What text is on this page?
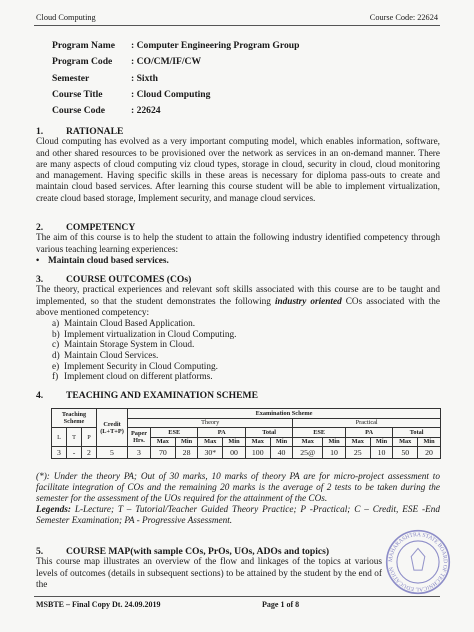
Cloud Computing	Course Code: 22624
Program Name : Computer Engineering Program Group
Program Code : CO/CM/IF/CW
Semester	: Sixth
Course Title	: Cloud Computing
Course Code	: 22624
1. RATIONALE
Cloud computing has evolved as a very important computing model, which enables information, software, and other shared resources to be provisioned over the network as services in an on-demand manner. There are many aspects of cloud computing viz cloud types, storage in cloud, security in cloud, cloud monitoring and management. Having specific skills in these areas is necessary for diploma pass-outs to create and maintain cloud based services. After learning this course student will be able to implement virtualization, create cloud based storage, Implement security, and manage cloud services.
2. COMPETENCY
The aim of this course is to help the student to attain the following industry identified competency through various teaching learning experiences:
• Maintain cloud based services.
3. COURSE OUTCOMES (COs)
The theory, practical experiences and relevant soft skills associated with this course are to be taught and implemented, so that the student demonstrates the following industry oriented COs associated with the above mentioned competency:
a) Maintain Cloud Based Application.
b) Implement virtualization in Cloud Computing.
c) Maintain Storage System in Cloud.
d) Maintain Cloud Services.
e) Implement Security in Cloud Computing.
f) Implement cloud on different platforms.
4. TEACHING AND EXAMINATION SCHEME
Teaching Scheme			Credit (L+T+P)	Examination Scheme												
				Theory							Practical					
L	T	P		Paper Hrs.	ESE		PA		Total		ESE		PA		Total	
					Max	Min	Max	Min	Max	Min	Max	Min	Max	Min	Max	Min
3	-	2	5	3	70	28	30*	00	100	40	25@	10	25	10	50	20
(*): Under the theory PA; Out of 30 marks, 10 marks of theory PA are for micro-project assessment to facilitate integration of COs and the remaining 20 marks is the average of 2 tests to be taken during the semester for the assessment of the UOs required for the attainment of the COs.
Legends: L-Lecture; T – Tutorial/Teacher Guided Theory Practice; P -Practical; C – Credit, ESE -End Semester Examination; PA - Progressive Assessment.
5. COURSE MAP(with sample COs, PrOs, UOs, ADOs and topics)
This course map illustrates an overview of the flow and linkages of the topics at various levels of outcomes (details in subsequent sections) to be attained by the student by the end of the
MAHARASHTRA STATE BOARD OF TECHNICAL EDUCATION
MSBTE – Final Copy Dt. 24.09.2019	Page 1 of 8
